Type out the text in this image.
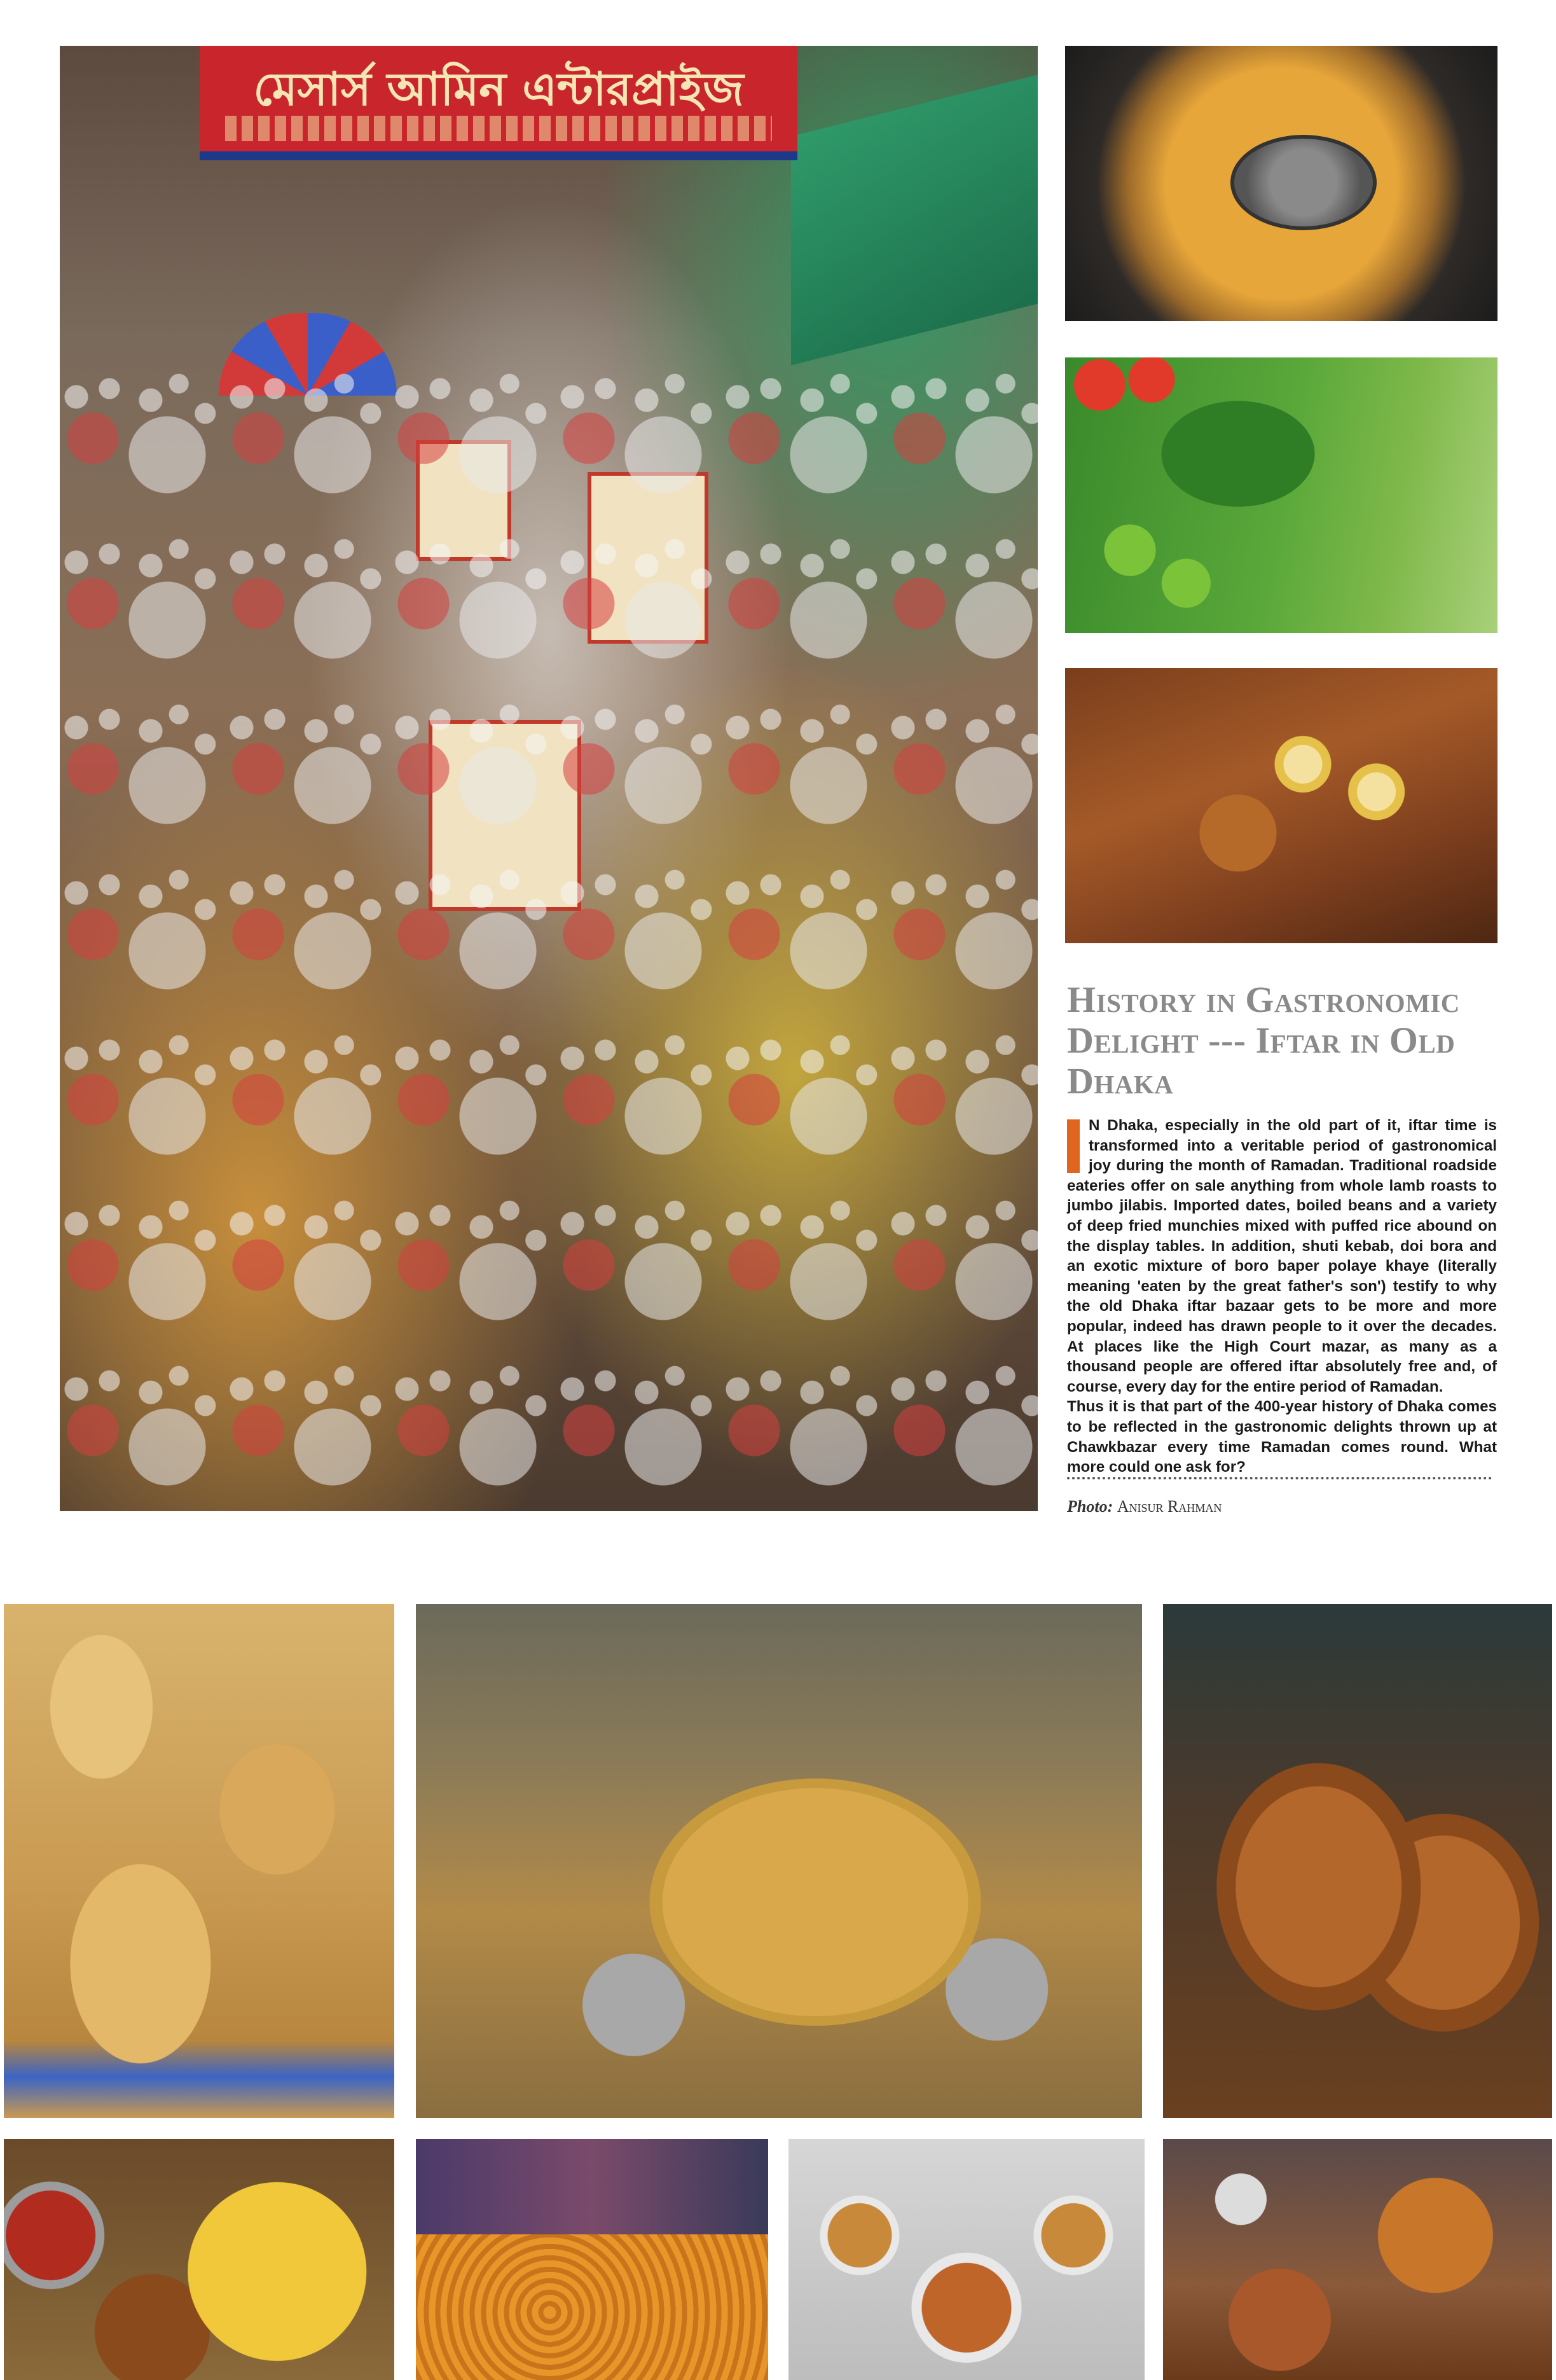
মেসার্স আমিন এন্টারপ্রাইজ
History in Gastronomic Delight --- Iftar in Old Dhaka
N Dhaka, especially in the old part of it, iftar time is transformed into a veritable period of gastronomical joy during the month of Ramadan. Traditional roadside eateries offer on sale anything from whole lamb roasts to jumbo jilabis. Imported dates, boiled beans and a variety of deep fried munchies mixed with puffed rice abound on the display tables. In addition, shuti kebab, doi bora and an exotic mixture of boro baper polaye khaye (literally meaning 'eaten by the great father's son') testify to why the old Dhaka iftar bazaar gets to be more and more popular, indeed has drawn people to it over the decades. At places like the High Court mazar, as many as a thousand people are offered iftar absolutely free and, of course, every day for the entire period of Ramadan.
Thus it is that part of the 400-year history of Dhaka comes to be reflected in the gastronomic delights thrown up at Chawkbazar every time Ramadan comes round. What more could one ask for?
Photo: Anisur Rahman
